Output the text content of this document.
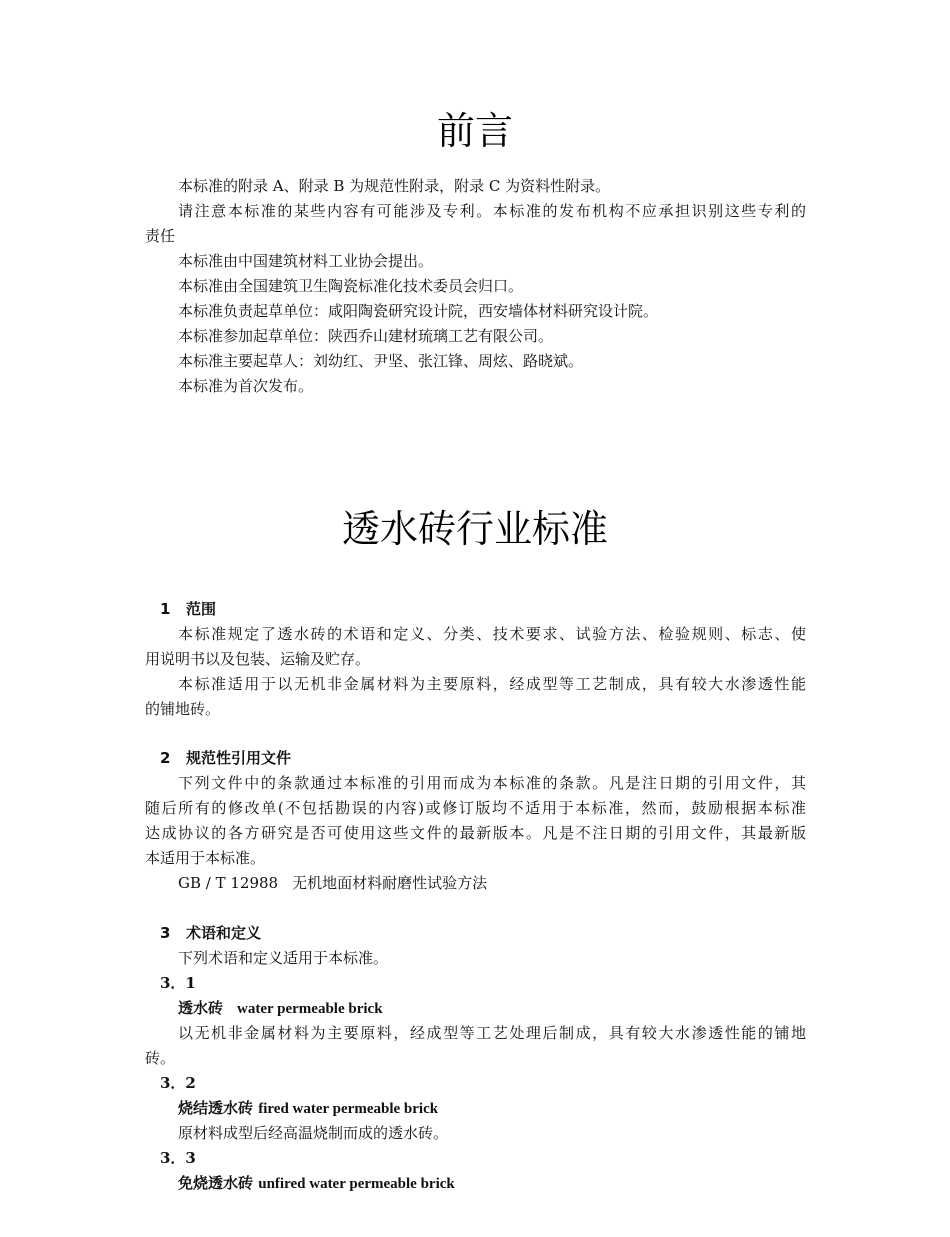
前言
本标准的附录 A、附录 B 为规范性附录，附录 C 为资料性附录。
请注意本标准的某些内容有可能涉及专利。本标准的发布机构不应承担识别这些专利的
责任
本标准由中国建筑材料工业协会提出。
本标准由全国建筑卫生陶瓷标准化技术委员会归口。
本标准负责起草单位：咸阳陶瓷研究设计院，西安墙体材料研究设计院。
本标准参加起草单位：陕西乔山建材琉璃工艺有限公司。
本标准主要起草人：刘幼红、尹坚、张江锋、周炫、路晓斌。
本标准为首次发布。
透水砖行业标准
1 范围
本标准规定了透水砖的术语和定义、分类、技术要求、试验方法、检验规则、标志、使
用说明书以及包装、运输及贮存。
本标准适用于以无机非金属材料为主要原料，经成型等工艺制成，具有较大水渗透性能
的铺地砖。
2 规范性引用文件
下列文件中的条款通过本标准的引用而成为本标准的条款。凡是注日期的引用文件，其
随后所有的修改单(不包括勘误的内容)或修订版均不适用于本标准，然而，鼓励根据本标准
达成协议的各方研究是否可使用这些文件的最新版本。凡是不注日期的引用文件，其最新版
本适用于本标准。
GB / T 12988 无机地面材料耐磨性试验方法
3 术语和定义
下列术语和定义适用于本标准。
3．1
透水砖 water permeable brick
以无机非金属材料为主要原料，经成型等工艺处理后制成，具有较大水渗透性能的铺地
砖。
3．2
烧结透水砖 fired water permeable brick
原材料成型后经高温烧制而成的透水砖。
3．3
免烧透水砖 unfired water permeable brick
